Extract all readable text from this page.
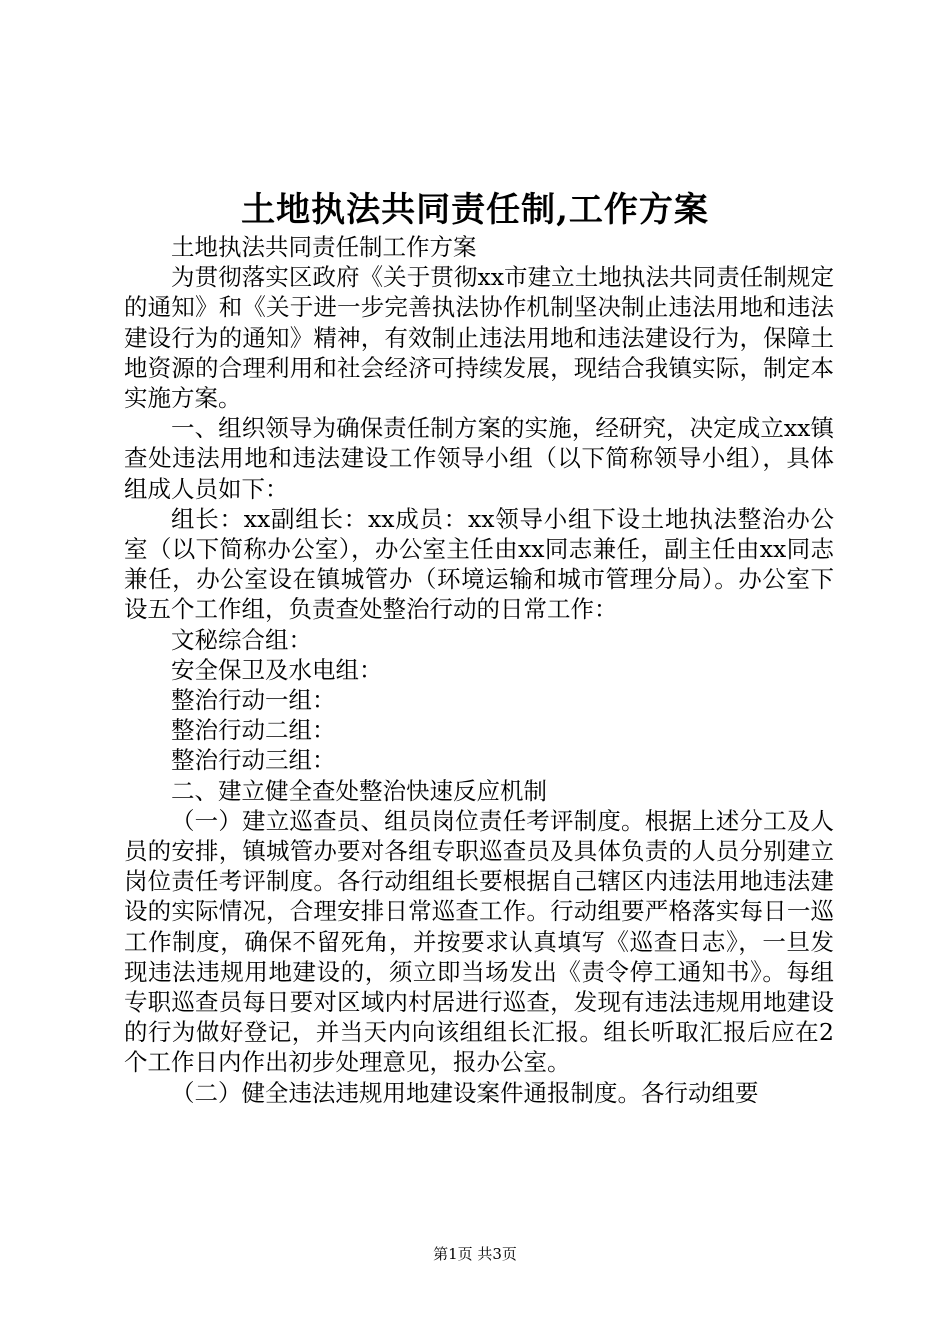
土地执法共同责任制,工作方案

土地执法共同责任制工作方案

为贯彻落实区政府《关于贯彻xx市建立土地执法共同责任制规定的通知》和《关于进一步完善执法协作机制坚决制止违法用地和违法建设行为的通知》精神，有效制止违法用地和违法建设行为，保障土地资源的合理利用和社会经济可持续发展，现结合我镇实际，制定本实施方案。

一、组织领导为确保责任制方案的实施，经研究，决定成立xx镇查处违法用地和违法建设工作领导小组（以下简称领导小组），具体组成人员如下：

组长：xx副组长：xx成员：xx领导小组下设土地执法整治办公室（以下简称办公室），办公室主任由xx同志兼任，副主任由xx同志兼任，办公室设在镇城管办（环境运输和城市管理分局）。办公室下设五个工作组，负责查处整治行动的日常工作：

文秘综合组：

安全保卫及水电组：

整治行动一组：

整治行动二组：

整治行动三组：

二、建立健全查处整治快速反应机制

（一）建立巡查员、组员岗位责任考评制度。根据上述分工及人员的安排，镇城管办要对各组专职巡查员及具体负责的人员分别建立岗位责任考评制度。各行动组组长要根据自己辖区内违法用地违法建设的实际情况，合理安排日常巡查工作。行动组要严格落实每日一巡工作制度，确保不留死角，并按要求认真填写《巡查日志》，一旦发现违法违规用地建设的，须立即当场发出《责令停工通知书》。每组专职巡查员每日要对区域内村居进行巡查，发现有违法违规用地建设的行为做好登记，并当天内向该组组长汇报。组长听取汇报后应在2个工作日内作出初步处理意见，报办公室。

（二）健全违法违规用地建设案件通报制度。各行动组要

第1页 共3页
